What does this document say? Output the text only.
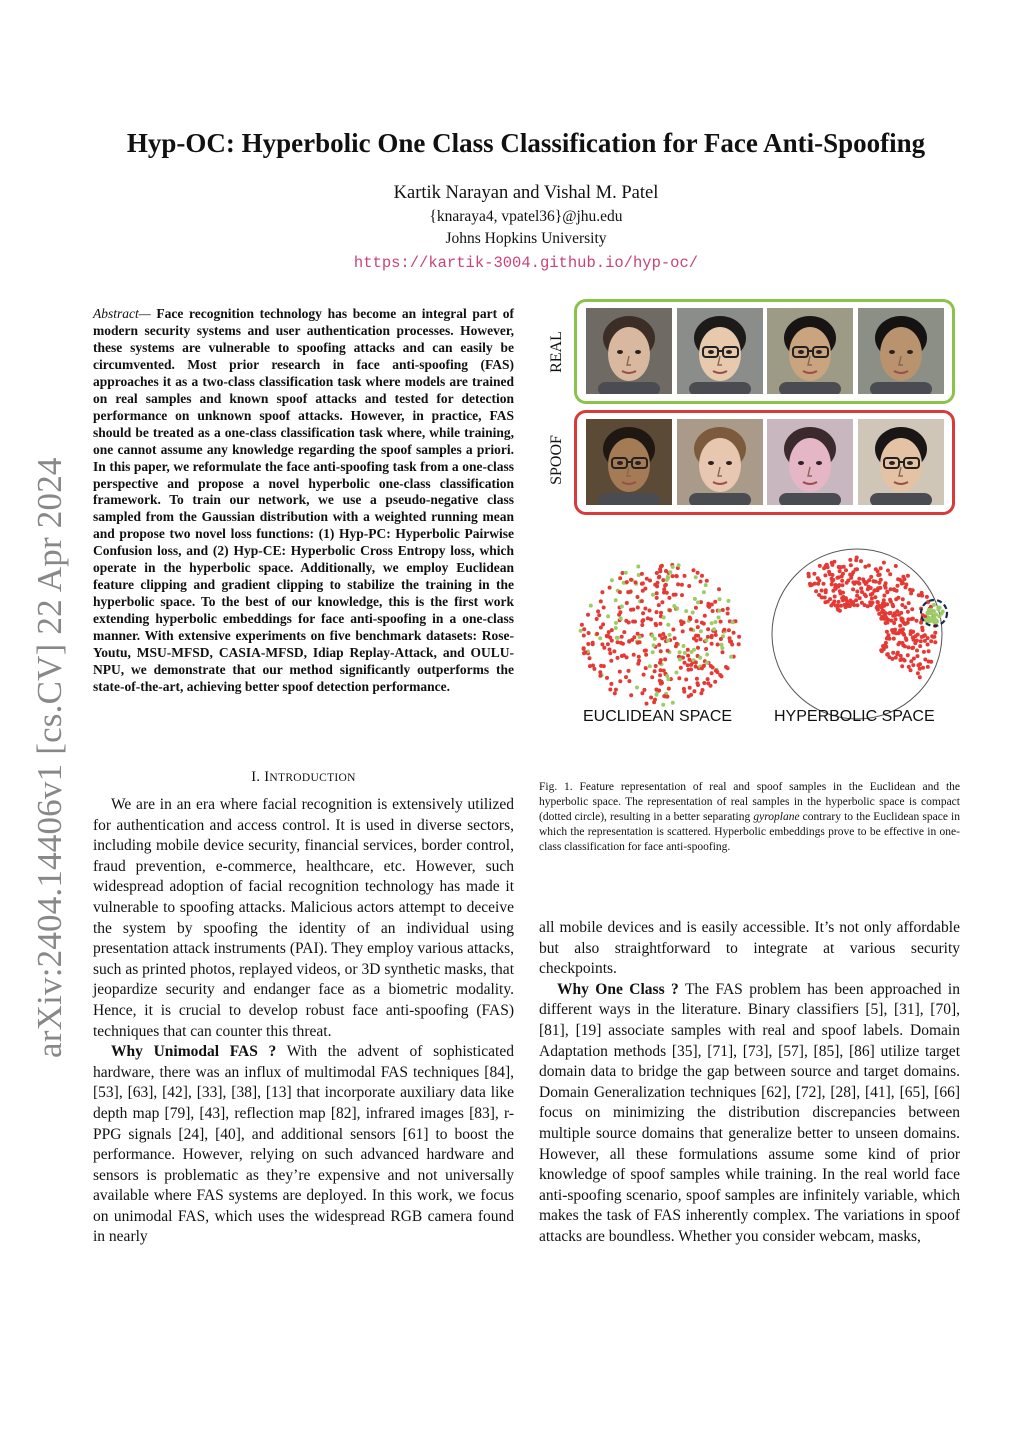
Hyp-OC: Hyperbolic One Class Classification for Face Anti-Spoofing
Kartik Narayan and Vishal M. Patel
{knaraya4, vpatel36}@jhu.edu
Johns Hopkins University
https://kartik-3004.github.io/hyp-oc/
arXiv:2404.14406v1 [cs.CV] 22 Apr 2024
Abstract— Face recognition technology has become an integral part of modern security systems and user authentication processes. However, these systems are vulnerable to spoofing attacks and can easily be circumvented. Most prior research in face anti-spoofing (FAS) approaches it as a two-class classification task where models are trained on real samples and known spoof attacks and tested for detection performance on unknown spoof attacks. However, in practice, FAS should be treated as a one-class classification task where, while training, one cannot assume any knowledge regarding the spoof samples a priori. In this paper, we reformulate the face anti-spoofing task from a one-class perspective and propose a novel hyperbolic one-class classification framework. To train our network, we use a pseudo-negative class sampled from the Gaussian distribution with a weighted running mean and propose two novel loss functions: (1) Hyp-PC: Hyperbolic Pairwise Confusion loss, and (2) Hyp-CE: Hyperbolic Cross Entropy loss, which operate in the hyperbolic space. Additionally, we employ Euclidean feature clipping and gradient clipping to stabilize the training in the hyperbolic space. To the best of our knowledge, this is the first work extending hyperbolic embeddings for face anti-spoofing in a one-class manner. With extensive experiments on five benchmark datasets: Rose-Youtu, MSU-MFSD, CASIA-MFSD, Idiap Replay-Attack, and OULU-NPU, we demonstrate that our method significantly outperforms the state-of-the-art, achieving better spoof detection performance.
I. INTRODUCTION

We are in an era where facial recognition is extensively utilized for authentication and access control. It is used in diverse sectors, including mobile device security, financial services, border control, fraud prevention, e-commerce, healthcare, etc. However, such widespread adoption of facial recognition technology has made it vulnerable to spoofing attacks. Malicious actors attempt to deceive the system by spoofing the identity of an individual using presentation attack instruments (PAI). They employ various attacks, such as printed photos, replayed videos, or 3D synthetic masks, that jeopardize security and endanger face as a biometric modality. Hence, it is crucial to develop robust face anti-spoofing (FAS) techniques that can counter this threat.

Why Unimodal FAS ? With the advent of sophisticated hardware, there was an influx of multimodal FAS techniques [84], [53], [63], [42], [33], [38], [13] that incorporate auxiliary data like depth map [79], [43], reflection map [82], infrared images [83], r-PPG signals [24], [40], and additional sensors [61] to boost the performance. However, relying on such advanced hardware and sensors is problematic as they’re expensive and not universally available where FAS systems are deployed. In this work, we focus on unimodal FAS, which uses the widespread RGB camera found in nearly

all mobile devices and is easily accessible. It’s not only affordable but also straightforward to integrate at various security checkpoints.

Why One Class ? The FAS problem has been approached in different ways in the literature. Binary classifiers [5], [31], [70], [81], [19] associate samples with real and spoof labels. Domain Adaptation methods [35], [71], [73], [57], [85], [86] utilize target domain data to bridge the gap between source and target domains. Domain Generalization techniques [62], [72], [28], [41], [65], [66] focus on minimizing the distribution discrepancies between multiple source domains that generalize better to unseen domains. However, all these formulations assume some kind of prior knowledge of spoof samples while training. In the real world face anti-spoofing scenario, spoof samples are infinitely variable, which makes the task of FAS inherently complex. The variations in spoof attacks are boundless. Whether you consider webcam, masks,

REAL
SPOOF
EUCLIDEAN SPACE	HYPERBOLIC SPACE
Fig. 1. Feature representation of real and spoof samples in the Euclidean and the hyperbolic space. The representation of real samples in the hyperbolic space is compact (dotted circle), resulting in a better separating gyroplane contrary to the Euclidean space in which the representation is scattered. Hyperbolic embeddings prove to be effective in one-class classification for face anti-spoofing.
